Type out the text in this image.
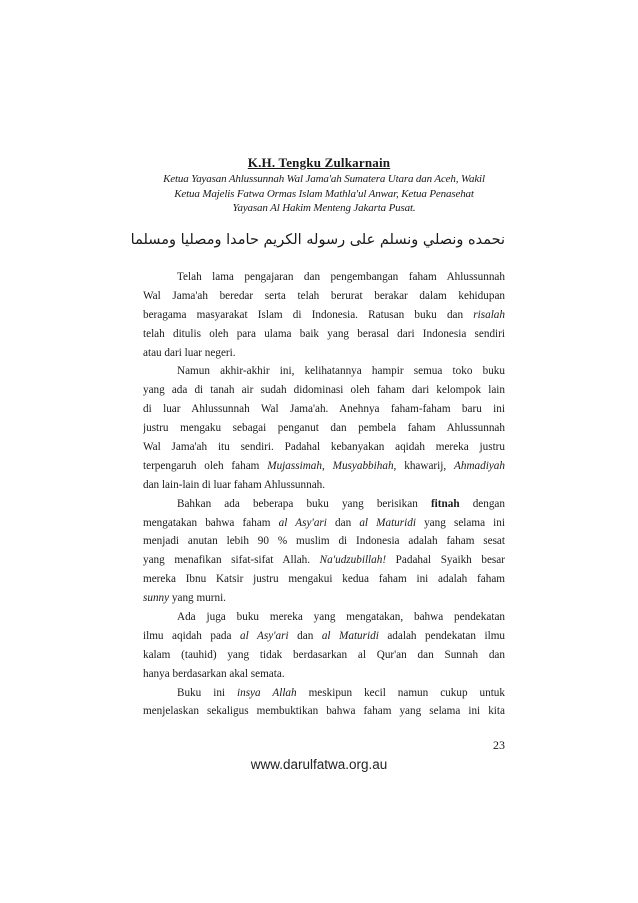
K.H. Tengku Zulkarnain
Ketua Yayasan Ahlussunnah Wal Jama'ah Sumatera Utara dan Aceh, Wakil
Ketua Majelis Fatwa Ormas Islam Mathla'ul Anwar, Ketua Penasehat
Yayasan Al Hakim Menteng Jakarta Pusat.
نحمده ونصلي ونسلم على رسوله الكريم حامدا ومصليا ومسلما
Telah lama pengajaran dan pengembangan faham Ahlussunnah
Wal Jama'ah beredar serta telah berurat berakar dalam kehidupan
beragama masyarakat Islam di Indonesia. Ratusan buku dan risalah
telah ditulis oleh para ulama baik yang berasal dari Indonesia sendiri
atau dari luar negeri.
Namun akhir-akhir ini, kelihatannya hampir semua toko buku
yang ada di tanah air sudah didominasi oleh faham dari kelompok lain
di luar Ahlussunnah Wal Jama'ah. Anehnya faham-faham baru ini
justru mengaku sebagai penganut dan pembela faham Ahlussunnah
Wal Jama'ah itu sendiri. Padahal kebanyakan aqidah mereka justru
terpengaruh oleh faham Mujassimah, Musyabbihah, khawarij, Ahmadiyah
dan lain-lain di luar faham Ahlussunnah.
Bahkan ada beberapa buku yang berisikan fitnah dengan
mengatakan bahwa faham al Asy'ari dan al Maturidi yang selama ini
menjadi anutan lebih 90 % muslim di Indonesia adalah faham sesat
yang menafikan sifat-sifat Allah. Na'udzubillah! Padahal Syaikh besar
mereka Ibnu Katsir justru mengakui kedua faham ini adalah faham
sunny yang murni.
Ada juga buku mereka yang mengatakan, bahwa pendekatan
ilmu aqidah pada al Asy'ari dan al Maturidi adalah pendekatan ilmu
kalam (tauhid) yang tidak berdasarkan al Qur'an dan Sunnah dan
hanya berdasarkan akal semata.
Buku ini insya Allah meskipun kecil namun cukup untuk
menjelaskan sekaligus membuktikan bahwa faham yang selama ini kita
23
www.darulfatwa.org.au
